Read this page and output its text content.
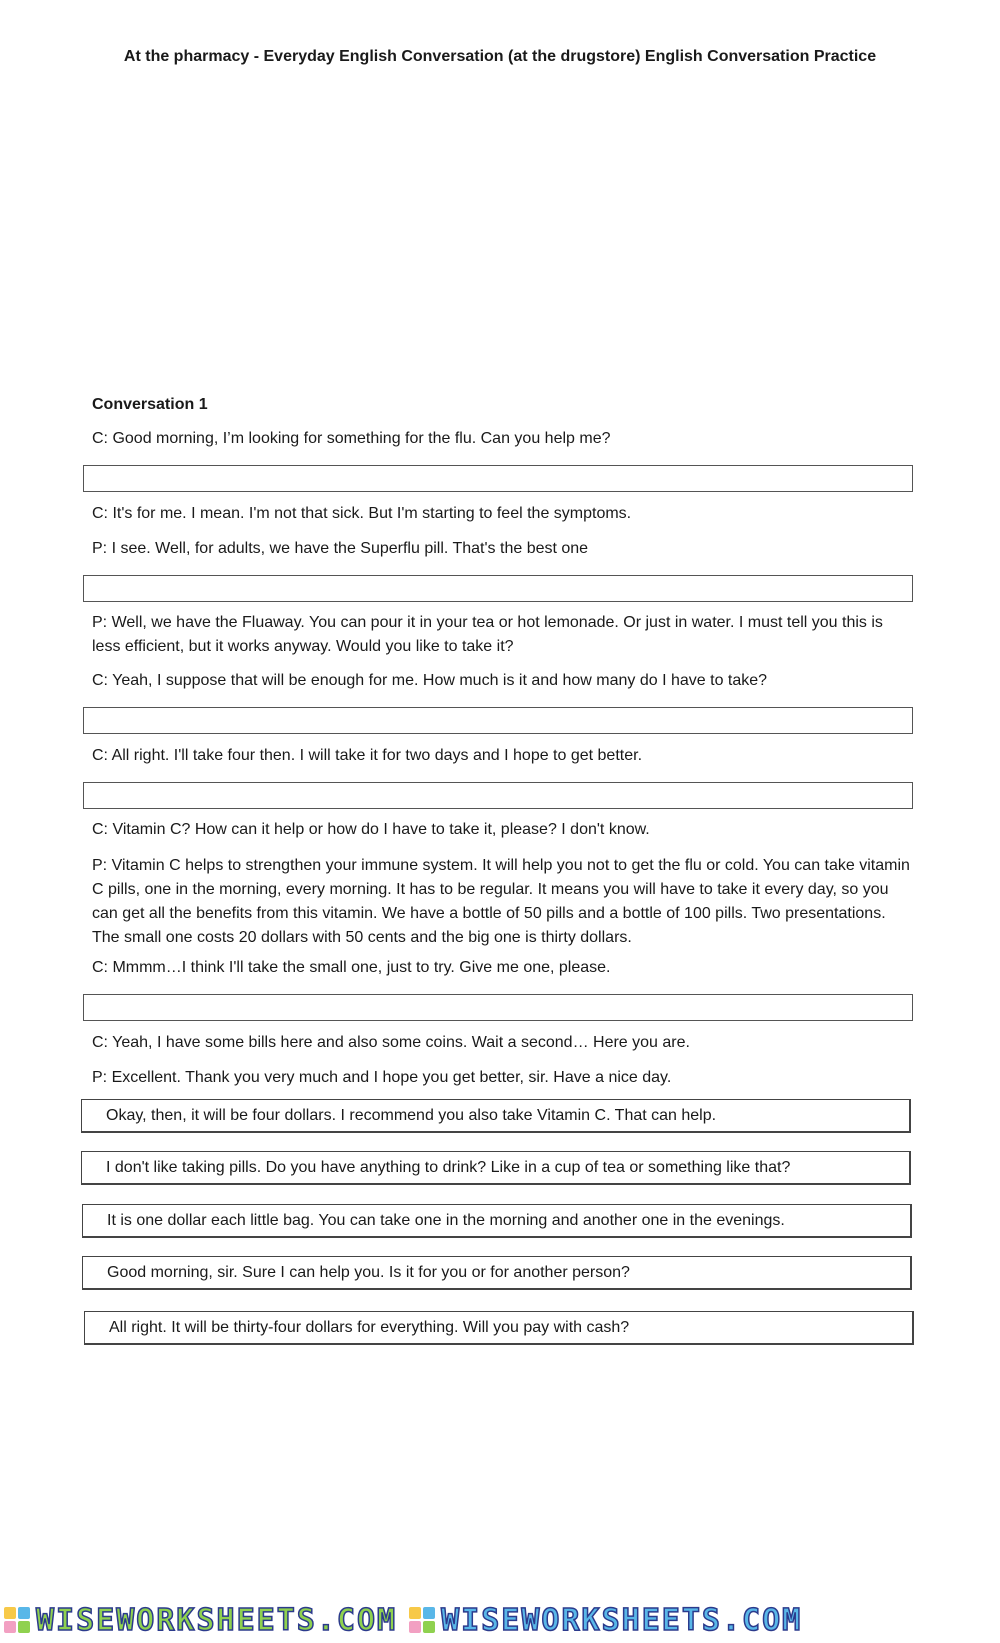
At the pharmacy - Everyday English Conversation (at the drugstore) English Conversation Practice
Conversation 1
C: Good morning, I’m looking for something for the flu. Can you help me?
C: It's for me. I mean. I'm not that sick. But I'm starting to feel the symptoms.
P: I see. Well, for adults, we have the Superflu pill. That's the best one
P: Well, we have the Fluaway. You can pour it in your tea or hot lemonade. Or just in water. I must tell you this is less efficient, but it works anyway. Would you like to take it?
C: Yeah, I suppose that will be enough for me. How much is it and how many do I have to take?
C: All right. I'll take four then. I will take it for two days and I hope to get better.
C: Vitamin C? How can it help or how do I have to take it, please? I don't know.
P: Vitamin C helps to strengthen your immune system. It will help you not to get the flu or cold. You can take vitamin C pills, one in the morning, every morning. It has to be regular. It means you will have to take it every day, so you can get all the benefits from this vitamin. We have a bottle of 50 pills and a bottle of 100 pills. Two presentations. The small one costs 20 dollars with 50 cents and the big one is thirty dollars.
C: Mmmm…I think I'll take the small one, just to try. Give me one, please.
C: Yeah, I have some bills here and also some coins. Wait a second… Here you are.
P: Excellent. Thank you very much and I hope you get better, sir. Have a nice day.
Okay, then, it will be four dollars. I recommend you also take Vitamin C. That can help.
I don't like taking pills. Do you have anything to drink? Like in a cup of tea or something like that?
It is one dollar each little bag. You can take one in the morning and another one in the evenings.
Good morning, sir. Sure I can help you. Is it for you or for another person?
All right. It will be thirty-four dollars for everything. Will you pay with cash?
WISEWORKSHEETS.COM WISEWORKSHEETS.COM
